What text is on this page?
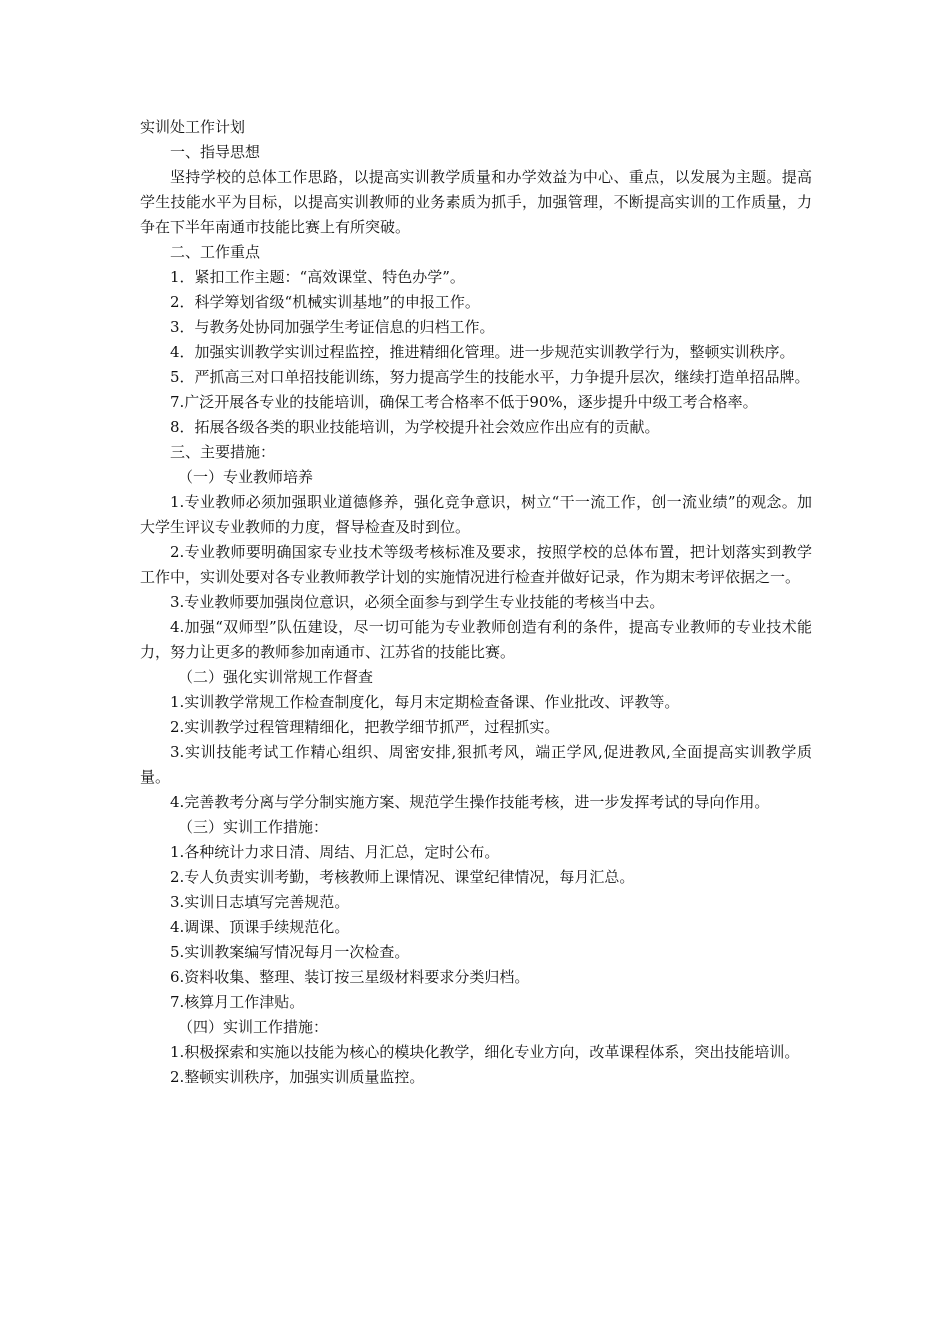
实训处工作计划
一、指导思想

坚持学校的总体工作思路，以提高实训教学质量和办学效益为中心、重点，以发展为主题。提高学生技能水平为目标，以提高实训教师的业务素质为抓手，加强管理，不断提高实训的工作质量，力争在下半年南通市技能比赛上有所突破。

二、工作重点

1．紧扣工作主题：“高效课堂、特色办学”。

2．科学筹划省级“机械实训基地”的申报工作。

3．与教务处协同加强学生考证信息的归档工作。

4．加强实训教学实训过程监控，推进精细化管理。进一步规范实训教学行为，整顿实训秩序。

5．严抓高三对口单招技能训练，努力提高学生的技能水平，力争提升层次，继续打造单招品牌。

7.广泛开展各专业的技能培训，确保工考合格率不低于90%，逐步提升中级工考合格率。

8．拓展各级各类的职业技能培训，为学校提升社会效应作出应有的贡献。

三、主要措施：
（一）专业教师培养

1.专业教师必须加强职业道德修养，强化竞争意识，树立“干一流工作，创一流业绩”的观念。加大学生评议专业教师的力度，督导检查及时到位。

2.专业教师要明确国家专业技术等级考核标准及要求，按照学校的总体布置，把计划落实到教学工作中，实训处要对各专业教师教学计划的实施情况进行检查并做好记录，作为期末考评依据之一。

3.专业教师要加强岗位意识，必须全面参与到学生专业技能的考核当中去。

4.加强“双师型”队伍建设，尽一切可能为专业教师创造有利的条件，提高专业教师的专业技术能力，努力让更多的教师参加南通市、江苏省的技能比赛。

（二）强化实训常规工作督查

1.实训教学常规工作检查制度化，每月末定期检查备课、作业批改、评教等。

2.实训教学过程管理精细化，把教学细节抓严，过程抓实。

3.实训技能考试工作精心组织、周密安排,狠抓考风，端正学风,促进教风,全面提高实训教学质量。

4.完善教考分离与学分制实施方案、规范学生操作技能考核，进一步发挥考试的导向作用。

（三）实训工作措施：

1.各种统计力求日清、周结、月汇总，定时公布。

2.专人负责实训考勤，考核教师上课情况、课堂纪律情况，每月汇总。

3.实训日志填写完善规范。

4.调课、顶课手续规范化。

5.实训教案编写情况每月一次检查。

6.资料收集、整理、装订按三星级材料要求分类归档。

7.核算月工作津贴。

（四）实训工作措施：

1.积极探索和实施以技能为核心的模块化教学，细化专业方向，改革课程体系，突出技能培训。

2.整顿实训秩序，加强实训质量监控。
